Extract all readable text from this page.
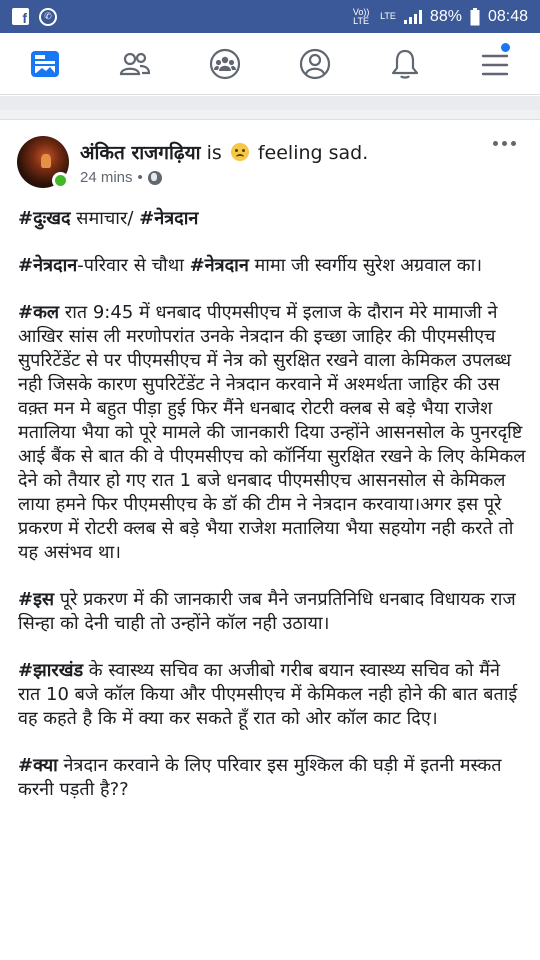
f	✆	Vo)) LTE	LTE 88% 08:48
अंकित राजगढ़िया is feeling sad.
24 mins •

#दुःखद समाचार/ #नेत्रदान

#नेत्रदान-परिवार से चौथा #नेत्रदान मामा जी स्वर्गीय सुरेश अग्रवाल का।

#कल रात 9:45 में धनबाद पीएमसीएच में इलाज के दौरान मेरे मामाजी ने आखिर सांस ली मरणोपरांत उनके नेत्रदान की इच्छा जाहिर की पीएमसीएच सुपरिटेंडेंट से पर पीएमसीएच में नेत्र को सुरक्षित रखने वाला केमिकल उपलब्ध नही जिसके कारण सुपरिटेंडेंट ने नेत्रदान करवाने में अश्मर्थता जाहिर की उस वक़्त मन मे बहुत पीड़ा हुई फिर मैंने धनबाद रोटरी क्लब से बड़े भैया राजेश मतालिया भैया को पूरे मामले की जानकारी दिया उन्होंने आसनसोल के पुनरदृष्टि आई बैंक से बात की वे पीएमसीएच को कॉर्निया सुरक्षित रखने के लिए केमिकल देने को तैयार हो गए रात 1 बजे धनबाद पीएमसीएच आसनसोल से केमिकल लाया हमने फिर पीएमसीएच के डॉ की टीम ने नेत्रदान करवाया।अगर इस पूरे प्रकरण में रोटरी क्लब से बड़े भैया राजेश मतालिया भैया सहयोग नही करते तो यह असंभव था।

#इस पूरे प्रकरण में की जानकारी जब मैने जनप्रतिनिधि धनबाद विधायक राज सिन्हा को देनी चाही तो उन्होंने कॉल नही उठाया।

#झारखंड के स्वास्थ्य सचिव का अजीबो गरीब बयान स्वास्थ्य सचिव को मैंने रात 10 बजे कॉल किया और पीएमसीएच में केमिकल नही होने की बात बताई वह कहते है कि में क्या कर सकते हूँ रात को ओर कॉल काट दिए।

#क्या नेत्रदान करवाने के लिए परिवार इस मुश्किल की घड़ी में इतनी मस्कत करनी पड़ती है??
